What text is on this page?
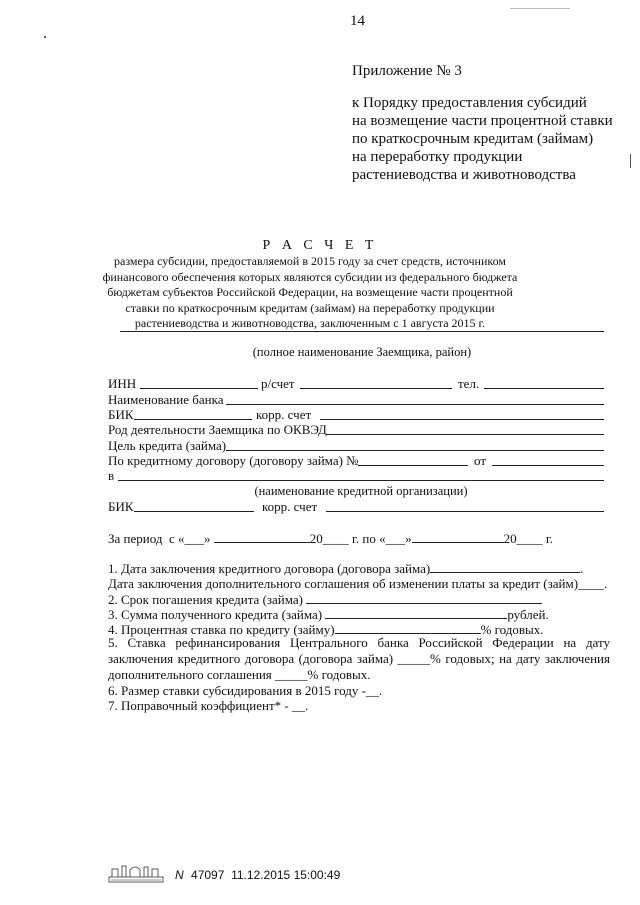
14
Приложение № 3
к Порядку предоставления субсидий
на возмещение части процентной ставки
по краткосрочным кредитам (займам)
на переработку продукции
растениеводства и животноводства
Р А С Ч Е Т
размера субсидии, предоставляемой в 2015 году за счет средств, источником финансового обеспечения которых являются субсидии из федерального бюджета бюджетам субъектов Российской Федерации, на возмещение части процентной ставки по краткосрочным кредитам (займам) на переработку продукции растениеводства и животноводства, заключенным с 1 августа 2015 г.
(полное наименование Заемщика, район)
ИНН	р/счет	тел.
Наименование банка
БИК	корр. счет
Род деятельности Заемщика по ОКВЭД
Цель кредита (займа)
По кредитному договору (договору займа) №	от
в
(наименование кредитной организации)
БИК	корр. счет
За период с «___»	20____ г. по «___»	20____ г.
1. Дата заключения кредитного договора (договора займа)	.
Дата заключения дополнительного соглашения об изменении платы за кредит (займ)____.
2. Срок погашения кредита (займа)
3. Сумма полученного кредита (займа)	рублей.
4. Процентная ставка по кредиту (займу)	% годовых.
5. Ставка рефинансирования Центрального банка Российской Федерации на дату заключения кредитного договора (договора займа) _____% годовых; на дату заключения дополнительного соглашения _____% годовых.
6. Размер ставки субсидирования в 2015 году -__.
7. Поправочный коэффициент* - __.
N 47097 11.12.2015 15:00:49
